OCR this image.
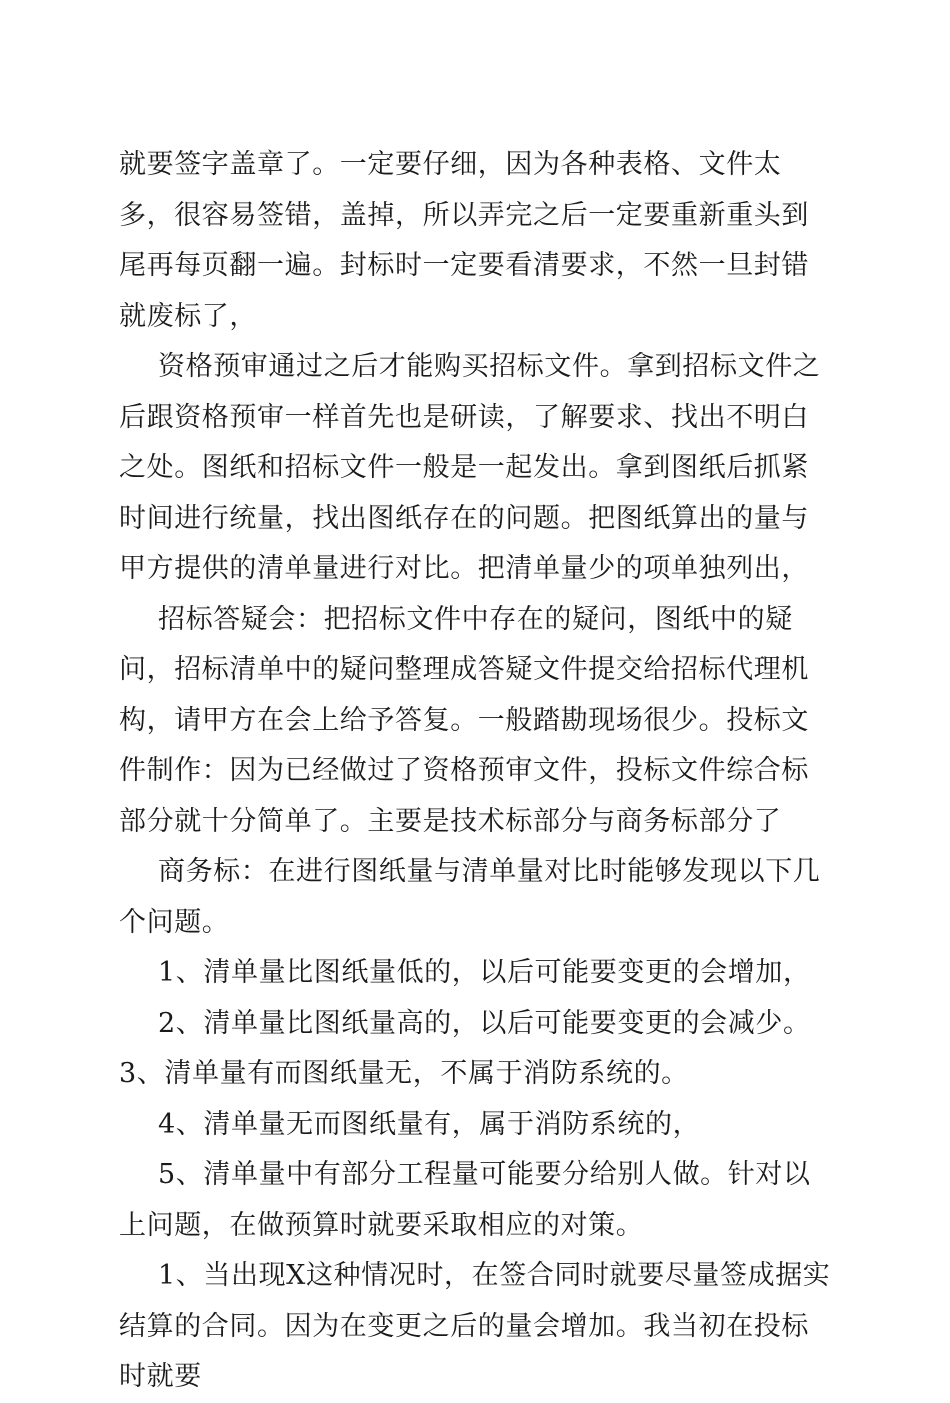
就要签字盖章了。一定要仔细，因为各种表格、文件太多，很容易签错，盖掉，所以弄完之后一定要重新重头到尾再每页翻一遍。封标时一定要看清要求，不然一旦封错就废标了，

资格预审通过之后才能购买招标文件。拿到招标文件之后跟资格预审一样首先也是研读，了解要求、找出不明白之处。图纸和招标文件一般是一起发出。拿到图纸后抓紧时间进行统量，找出图纸存在的问题。把图纸算出的量与甲方提供的清单量进行对比。把清单量少的项单独列出，

招标答疑会：把招标文件中存在的疑问，图纸中的疑问，招标清单中的疑问整理成答疑文件提交给招标代理机构，请甲方在会上给予答复。一般踏勘现场很少。投标文件制作：因为已经做过了资格预审文件，投标文件综合标部分就十分简单了。主要是技术标部分与商务标部分了

商务标：在进行图纸量与清单量对比时能够发现以下几个问题。

1、清单量比图纸量低的，以后可能要变更的会增加，

2、清单量比图纸量高的，以后可能要变更的会减少。3、清单量有而图纸量无，不属于消防系统的。

4、清单量无而图纸量有，属于消防系统的，

5、清单量中有部分工程量可能要分给别人做。针对以上问题，在做预算时就要采取相应的对策。

1、当出现X这种情况时，在签合同时就要尽量签成据实结算的合同。因为在变更之后的量会增加。我当初在投标时就要
